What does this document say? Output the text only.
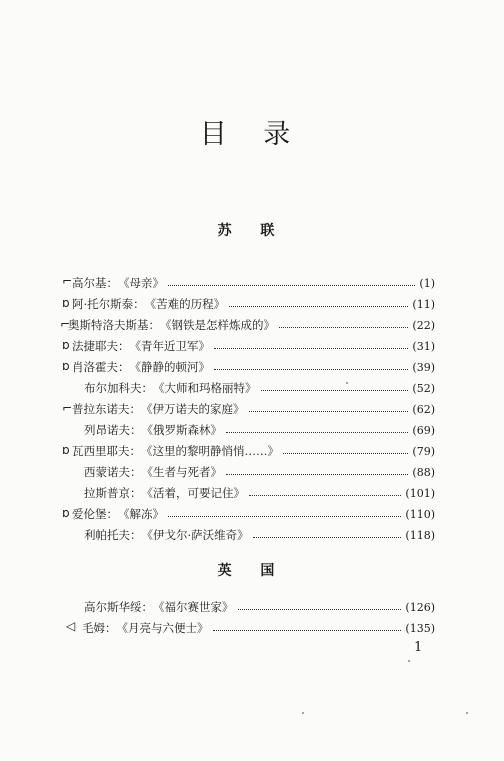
目 录
苏 联
高尔基： 《母亲》	(1)
阿·托尔斯泰： 《苦难的历程》	(11)
奥斯特洛夫斯基： 《钢铁是怎样炼成的》	(22)
法捷耶夫： 《青年近卫军》	(31)
肖洛霍夫： 《静静的顿河》	(39)
布尔加科夫： 《大师和玛格丽特》	(52)
普拉东诺夫： 《伊万诺夫的家庭》	(62)
列昂诺夫： 《俄罗斯森林》	(69)
瓦西里耶夫： 《这里的黎明静悄悄……》	(79)
西蒙诺夫： 《生者与死者》	(88)
拉斯普京： 《活着，可要记住》	(101)
爱伦堡： 《解冻》	(110)
利帕托夫： 《伊戈尔·萨沃维奇》	(118)
英 国
高尔斯华绥： 《福尔赛世家》	(126)
毛姆： 《月亮与六便士》	(135)
⌐
ɒ
⌐
ɒ
ɒ
⌐
ɒ
ɒ
◁
1
